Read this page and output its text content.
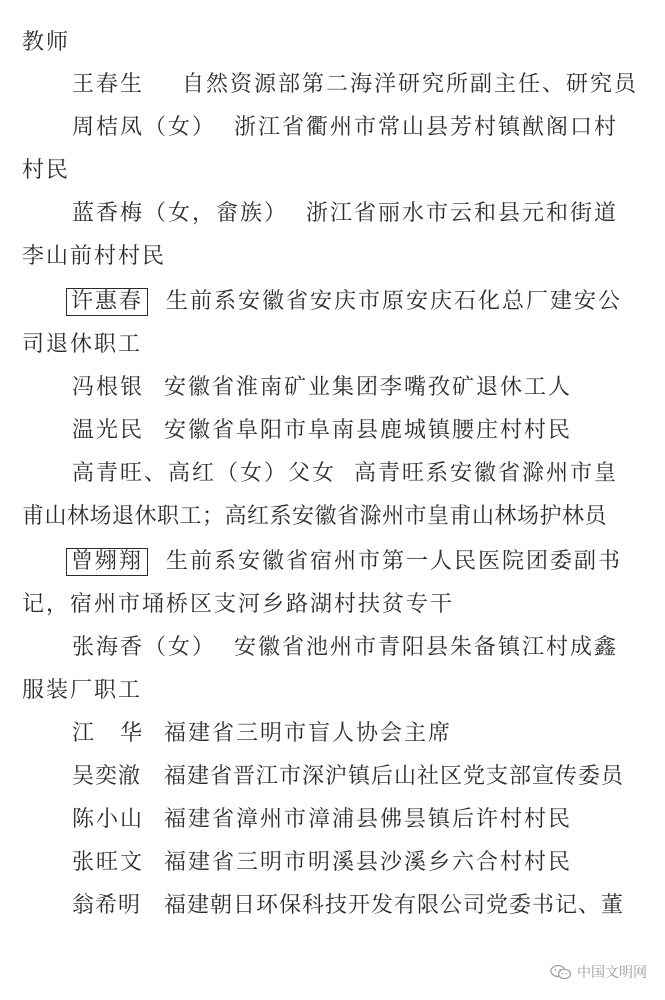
教师
王春生 自然资源部第二海洋研究所副主任、研究员
周桔凤（女） 浙江省衢州市常山县芳村镇猷阁口村
村民
蓝香梅（女，畲族） 浙江省丽水市云和县元和街道
李山前村村民
许惠春 生前系安徽省安庆市原安庆石化总厂建安公
司退休职工
冯根银 安徽省淮南矿业集团李嘴孜矿退休工人
温光民 安徽省阜阳市阜南县鹿城镇腰庄村村民
高青旺、高红（女）父女 高青旺系安徽省滁州市皇
甫山林场退休职工；高红系安徽省滁州市皇甫山林场护林员
曾翙翔 生前系安徽省宿州市第一人民医院团委副书
记，宿州市埇桥区支河乡路湖村扶贫专干
张海香（女） 安徽省池州市青阳县朱备镇江村成鑫
服装厂职工
江　华 福建省三明市盲人协会主席
吴奕澈 福建省晋江市深沪镇后山社区党支部宣传委员
陈小山 福建省漳州市漳浦县佛昙镇后许村村民
张旺文 福建省三明市明溪县沙溪乡六合村村民
翁希明 福建朝日环保科技开发有限公司党委书记、董
中国文明网
